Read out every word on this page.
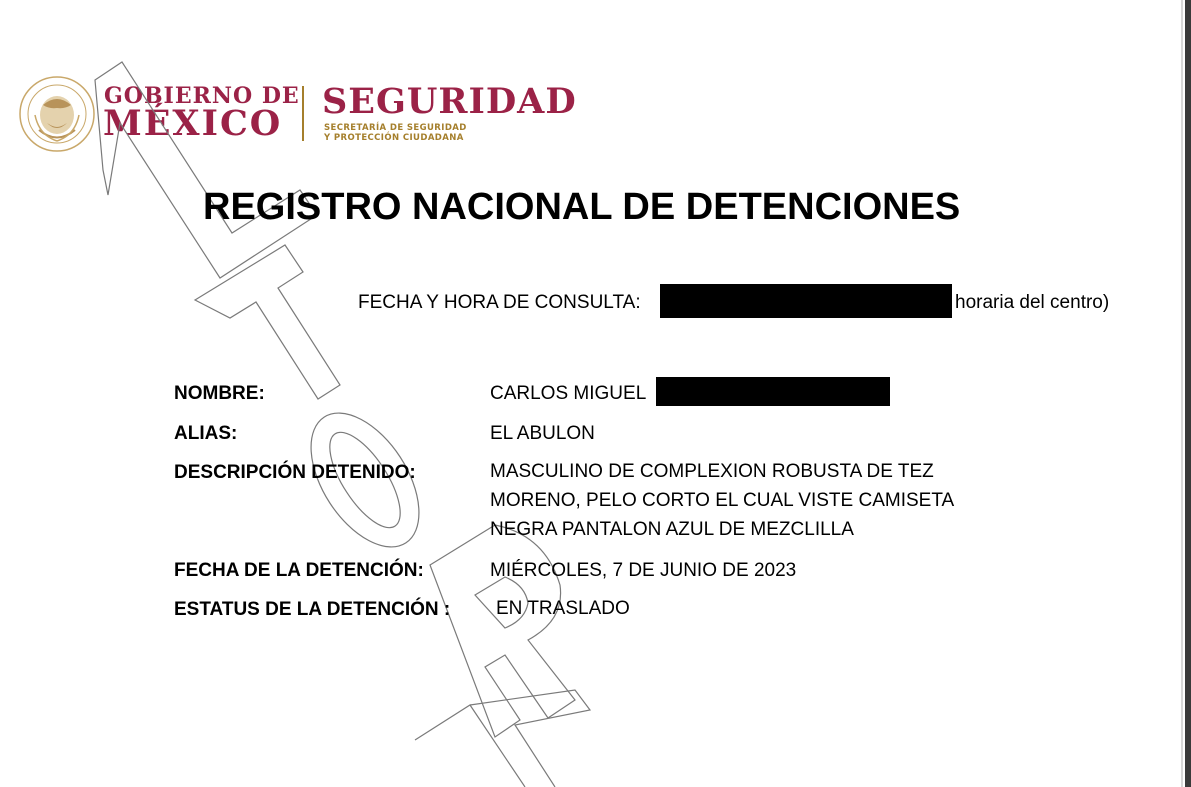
GOBIERNO DE
MÉXICO
SEGURIDAD
SECRETARÍA DE SEGURIDAD
Y PROTECCIÓN CIUDADANA
REGISTRO NACIONAL DE DETENCIONES
FECHA Y HORA DE CONSULTA:	horaria del centro)
NOMBRE:	CARLOS MIGUEL
ALIAS:	EL ABULON
DESCRIPCIÓN DETENIDO:	MASCULINO DE COMPLEXION ROBUSTA DE TEZ
MORENO, PELO CORTO EL CUAL VISTE CAMISETA
NEGRA PANTALON AZUL DE MEZCLILLA
FECHA DE LA DETENCIÓN:	MIÉRCOLES, 7 DE JUNIO DE 2023
ESTATUS DE LA DETENCIÓN : EN TRASLADO
